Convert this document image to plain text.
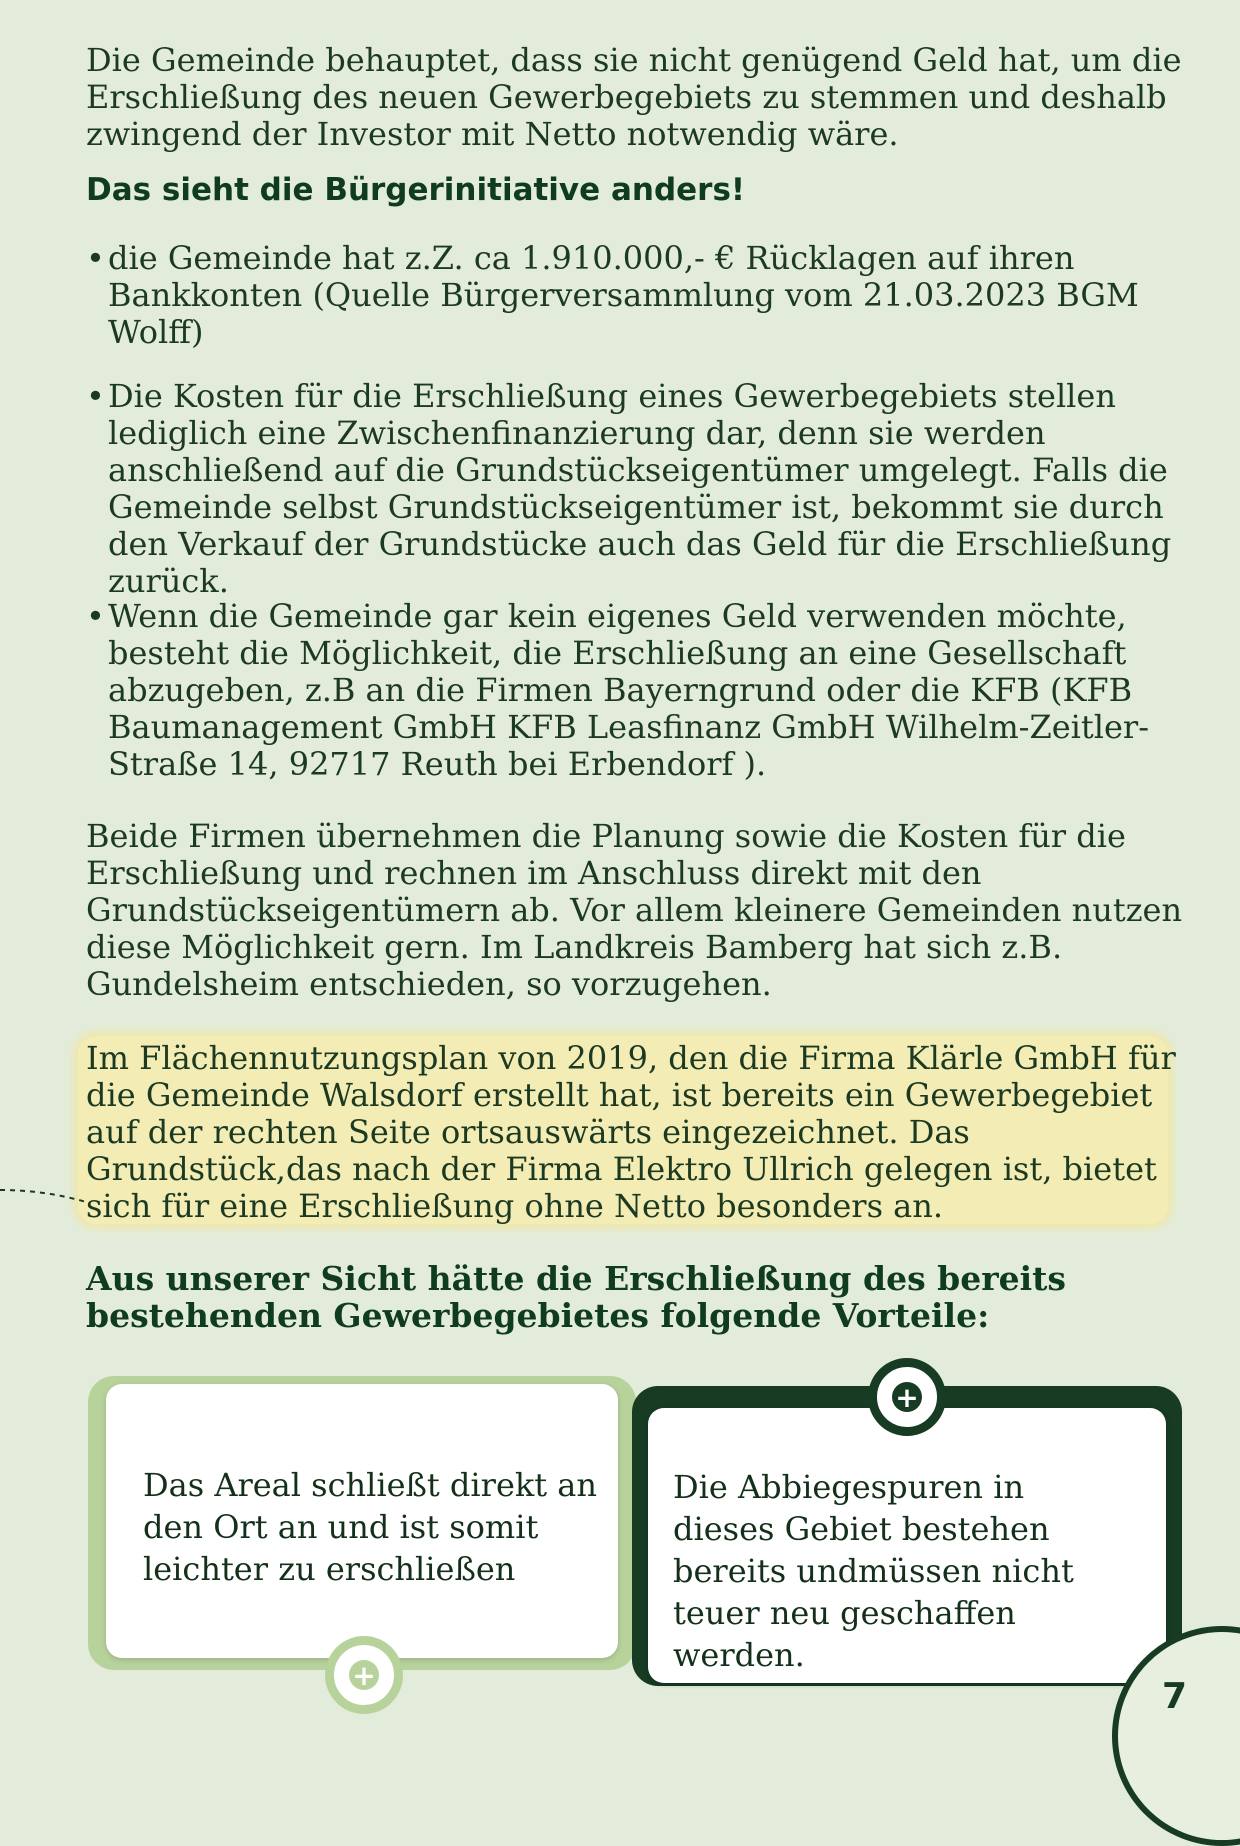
Die Gemeinde behauptet, dass sie nicht genügend Geld hat, um die Erschließung des neuen Gewerbegebiets zu stemmen und deshalb zwingend der Investor mit Netto notwendig wäre.

Das sieht die Bürgerinitiative anders!
• die Gemeinde hat z.Z. ca 1.910.000,- € Rücklagen auf ihren Bankkonten (Quelle Bürgerversammlung vom 21.03.2023 BGM Wolff)
• Die Kosten für die Erschließung eines Gewerbegebiets stellen lediglich eine Zwischenfinanzierung dar, denn sie werden anschließend auf die Grundstückseigentümer umgelegt. Falls die Gemeinde selbst Grundstückseigentümer ist, bekommt sie durch den Verkauf der Grundstücke auch das Geld für die Erschließung zurück.
• Wenn die Gemeinde gar kein eigenes Geld verwenden möchte, besteht die Möglichkeit, die Erschließung an eine Gesellschaft abzugeben, z.B an die Firmen Bayerngrund oder die KFB (KFB Baumanagement GmbH KFB Leasfinanz GmbH Wilhelm-Zeitler-Straße 14, 92717 Reuth bei Erbendorf ).

Beide Firmen übernehmen die Planung sowie die Kosten für die Erschließung und rechnen im Anschluss direkt mit den Grundstückseigentümern ab. Vor allem kleinere Gemeinden nutzen diese Möglichkeit gern. Im Landkreis Bamberg hat sich z.B. Gundelsheim entschieden, so vorzugehen.

Im Flächennutzungsplan von 2019, den die Firma Klärle GmbH für die Gemeinde Walsdorf erstellt hat, ist bereits ein Gewerbegebiet auf der rechten Seite ortsauswärts eingezeichnet. Das Grundstück,das nach der Firma Elektro Ullrich gelegen ist, bietet sich für eine Erschließung ohne Netto besonders an.

Aus unserer Sicht hätte die Erschließung des bereits bestehenden Gewerbegebietes folgende Vorteile:
Das Areal schließt direkt an den Ort an und ist somit leichter zu erschließen
+
Die Abbiegespuren in dieses Gebiet bestehen bereits undmüssen nicht teuer neu geschaffen werden.
+
7
